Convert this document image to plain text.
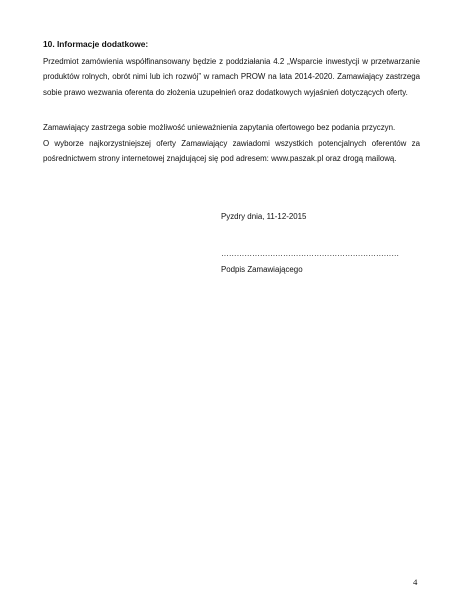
10. Informacje dodatkowe:

Przedmiot zamówienia współfinansowany będzie z poddziałania 4.2 „Wsparcie inwestycji w przetwarzanie produktów rolnych, obrót nimi lub ich rozwój” w ramach PROW na lata 2014-2020. Zamawiający zastrzega sobie prawo wezwania oferenta do złożenia uzupełnień oraz dodatkowych wyjaśnień dotyczących oferty.

Zamawiający zastrzega sobie możliwość unieważnienia zapytania ofertowego bez podania przyczyn.

O wyborze najkorzystniejszej oferty Zamawiający zawiadomi wszystkich potencjalnych oferentów za pośrednictwem strony internetowej znajdującej się pod adresem: www.paszak.pl oraz drogą mailową.

Pyzdry dnia, 11-12-2015

……………………………………………………………

Podpis Zamawiającego

4
